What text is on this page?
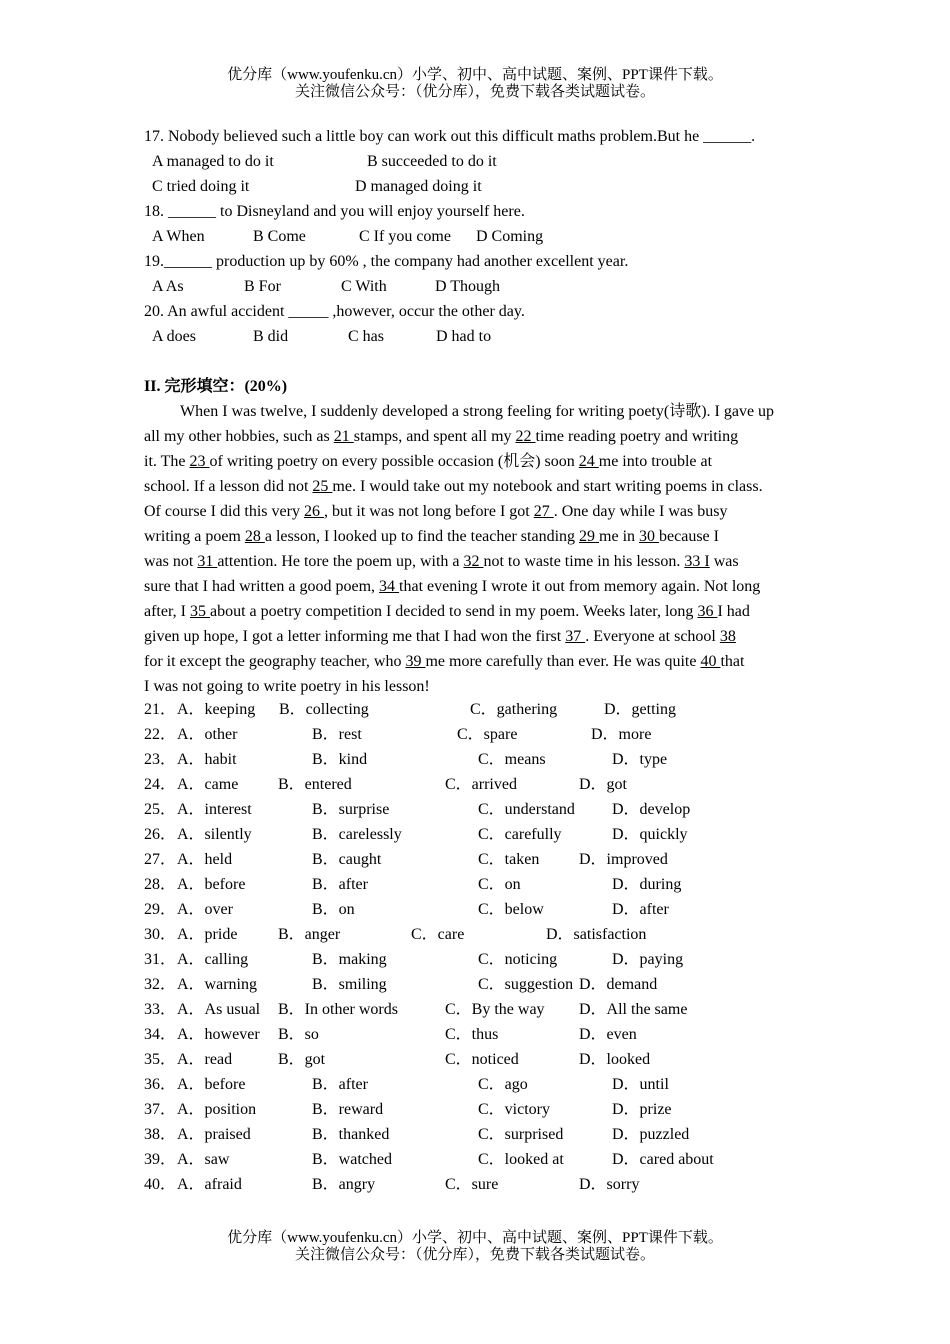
优分库（www.youfenku.cn）小学、初中、高中试题、案例、PPT课件下载。
关注微信公众号：（优分库），免费下载各类试题试卷。
17. Nobody believed such a little boy can work out this difficult maths problem.But he ______.
A managed to do it	B succeeded to do it
C tried doing it	D managed doing it
18. ______ to Disneyland and you will enjoy yourself here.
A When	B Come	C If you come D Coming
19.______ production up by 60% , the company had another excellent year.
A As	B For	C With	D Though
20. An awful accident _____ ,however, occur the other day.
A does	B did	C has	D had to
II. 完形填空：(20%)
When I was twelve, I suddenly developed a strong feeling for writing poety(诗歌). I gave up
all my other hobbies, such as 21 stamps, and spent all my 22 time reading poetry and writing
it. The 23 of writing poetry on every possible occasion (机会) soon 24 me into trouble at
school. If a lesson did not 25 me. I would take out my notebook and start writing poems in class.
Of course I did this very 26 , but it was not long before I got 27 . One day while I was busy
writing a poem 28 a lesson, I looked up to find the teacher standing 29 me in 30 because I
was not 31 attention. He tore the poem up, with a 32 not to waste time in his lesson. 33 I was
sure that I had written a good poem, 34 that evening I wrote it out from memory again. Not long
after, I 35 about a poetry competition I decided to send in my poem. Weeks later, long 36 I had
given up hope, I got a letter informing me that I had won the first 37 . Everyone at school 38
for it except the geography teacher, who 39 me more carefully than ever. He was quite 40 that
I was not going to write poetry in his lesson!
21． A．keeping B．collecting	C．gathering	D．getting
22． A．other	B．rest	C．spare	D．more
23． A．habit	B．kind	C．means	D．type
24． A．came B．entered	C．arrived	D．got
25． A．interest	B．surprise	C．understand D．develop
26． A．silently	B．carelessly	C．carefully	D．quickly
27． A．held	B．caught	C．taken D．improved
28． A．before	B．after	C．on	D．during
29． A．over	B．on	C．below	D．after
30． A．pride	B．anger	C．care	D．satisfaction
31． A．calling	B．making	C．noticing	D．paying
32． A．warning	B．smiling	C．suggestion D．demand
33． A．As usual B．In other words	C．By the way D．All the same
34． A．however B．so	C．thus	D．even
35． A．read	B．got	C．noticed	D．looked
36． A．before	B．after	C．ago	D．until
37． A．position	B．reward	C．victory	D．prize
38． A．praised	B．thanked	C．surprised	D．puzzled
39． A．saw	B．watched	C．looked at	D．cared about
40． A．afraid	B．angry	C．sure	D．sorry
优分库（www.youfenku.cn）小学、初中、高中试题、案例、PPT课件下载。
关注微信公众号：（优分库），免费下载各类试题试卷。
